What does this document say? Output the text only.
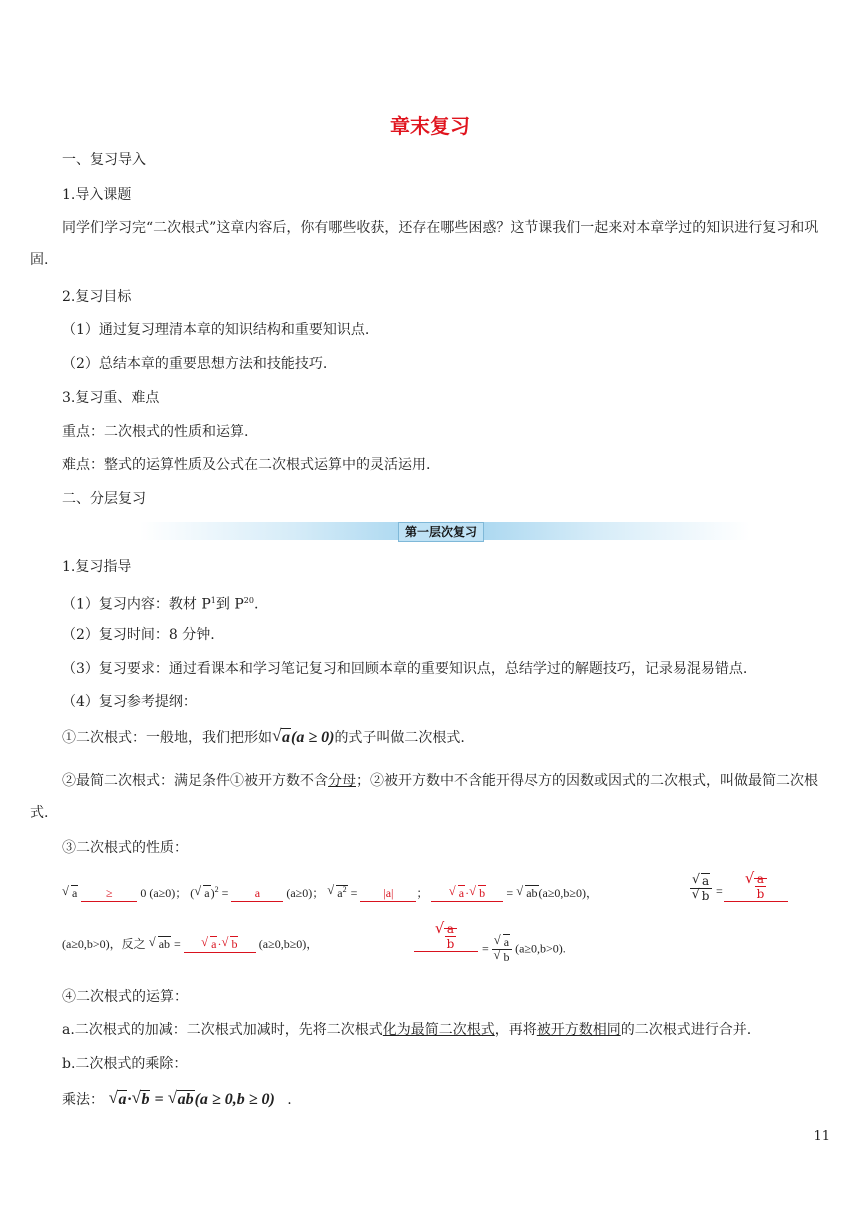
章末复习
一、复习导入
1.导入课题
同学们学习完“二次根式”这章内容后，你有哪些收获，还存在哪些困惑？这节课我们一起来对本章学过的知识进行复习和巩固.
2.复习目标
（1）通过复习理清本章的知识结构和重要知识点.
（2）总结本章的重要思想方法和技能技巧.
3.复习重、难点
重点：二次根式的性质和运算.
难点：整式的运算性质及公式在二次根式运算中的灵活运用.
二、分层复习
第一层次复习
1.复习指导
（1）复习内容：教材 $P^1$到 $P^{20}$.
（2）复习时间：8 分钟.
（3）复习要求：通过看课本和学习笔记复习和回顾本章的重要知识点，总结学过的解题技巧，记录易混易错点.
（4）复习参考提纲：
①二次根式：一般地，我们把形如 √ a(a ≥ 0)的式子叫做二次根式.
②最简二次根式：满足条件①被开方数不含分母；②被开方数中不含能开得尽方的因数或因式的二次根式，叫做最简二次根式.
③二次根式的性质：
√ a ≥ 0 (a≥0)； ( √ a)$^2$ = a (a≥0)； √ $a^2 = |a|$ ；	√ a· √ b = √ ab(a≥0,b≥0)，	√ a
√ b =	√ $\frac{a}{b}$
(a≥0,b>0)，反之 √ ab =	√ a· √ b (a≥0,b≥0)，	√ $\frac{a}{b}$ = √ a
√ b (a≥0,b>0).
④二次根式的运算：
a.二次根式的加减：二次根式加减时，先将二次根式化为最简二次根式，再将被开方数相同的二次根式进行合并.
b.二次根式的乘除：
乘法： √ a· √ b = √ ab(a ≥ 0,b ≥ 0) .
11
